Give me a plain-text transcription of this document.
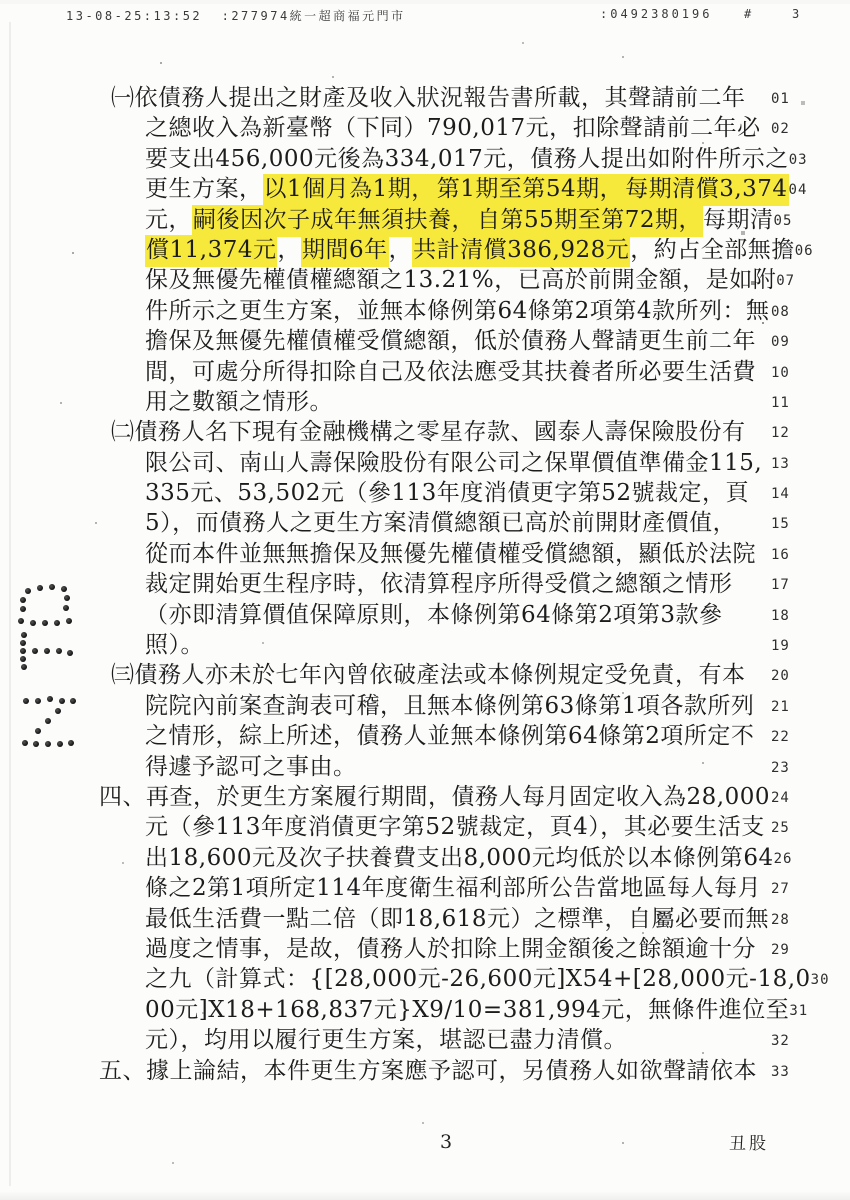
13-08-25:13:52 :277974統一超商福元門市	:0492380196	#	3
㈠依債務人提出之財產及收入狀況報告書所載，其聲請前二年	01
之總收入為新臺幣（下同）790,017元，扣除聲請前二年必 02
要支出456,000元後為334,017元，債務人提出如附件所示之 03
更生方案，以1個月為1期，第1期至第54期，每期清償3,374 04
元，嗣後因次子成年無須扶養，自第55期至第72期，每期清 05
償11,374元，期間6年，共計清償386,928元，約占全部無擔 06
保及無優先權債權總額之13.21%，已高於前開金額，是如附 07
件所示之更生方案，並無本條例第64條第2項第4款所列：無 08
擔保及無優先權債權受償總額，低於債務人聲請更生前二年	09
間，可處分所得扣除自己及依法應受其扶養者所必要生活費	10
用之數額之情形。	11
㈡債務人名下現有金融機構之零星存款、國泰人壽保險股份有	12
限公司、南山人壽保險股份有限公司之保單價值準備金115, 13
335元、53,502元（參113年度消債更字第52號裁定，頁	14
5），而債務人之更生方案清償總額已高於前開財產價值，	15
從而本件並無無擔保及無優先權債權受償總額，顯低於法院	16
裁定開始更生程序時，依清算程序所得受償之總額之情形	17
（亦即清算價值保障原則，本條例第64條第2項第3款參	18
照）。	19
㈢債務人亦未於七年內曾依破產法或本條例規定受免責，有本	20
院院內前案查詢表可稽，且無本條例第63條第1項各款所列	21
之情形，綜上所述，債務人並無本條例第64條第2項所定不	22
得遽予認可之事由。	23
四、再查，於更生方案履行期間，債務人每月固定收入為28,000 24
元（參113年度消債更字第52號裁定，頁4），其必要生活支 25
出18,600元及次子扶養費支出8,000元均低於以本條例第64 26
條之2第1項所定114年度衛生福利部所公告當地區每人每月 27
最低生活費一點二倍（即18,618元）之標準，自屬必要而無 28
過度之情事，是故，債務人於扣除上開金額後之餘額逾十分	29
之九（計算式：{[28,000元-26,600元]X54+[28,000元-18,0 30
00元]X18+168,837元}X9/10=381,994元，無條件進位至 31
元），均用以履行更生方案，堪認已盡力清償。	32
五、據上論結，本件更生方案應予認可，另債務人如欲聲請依本	33
3	丑股
